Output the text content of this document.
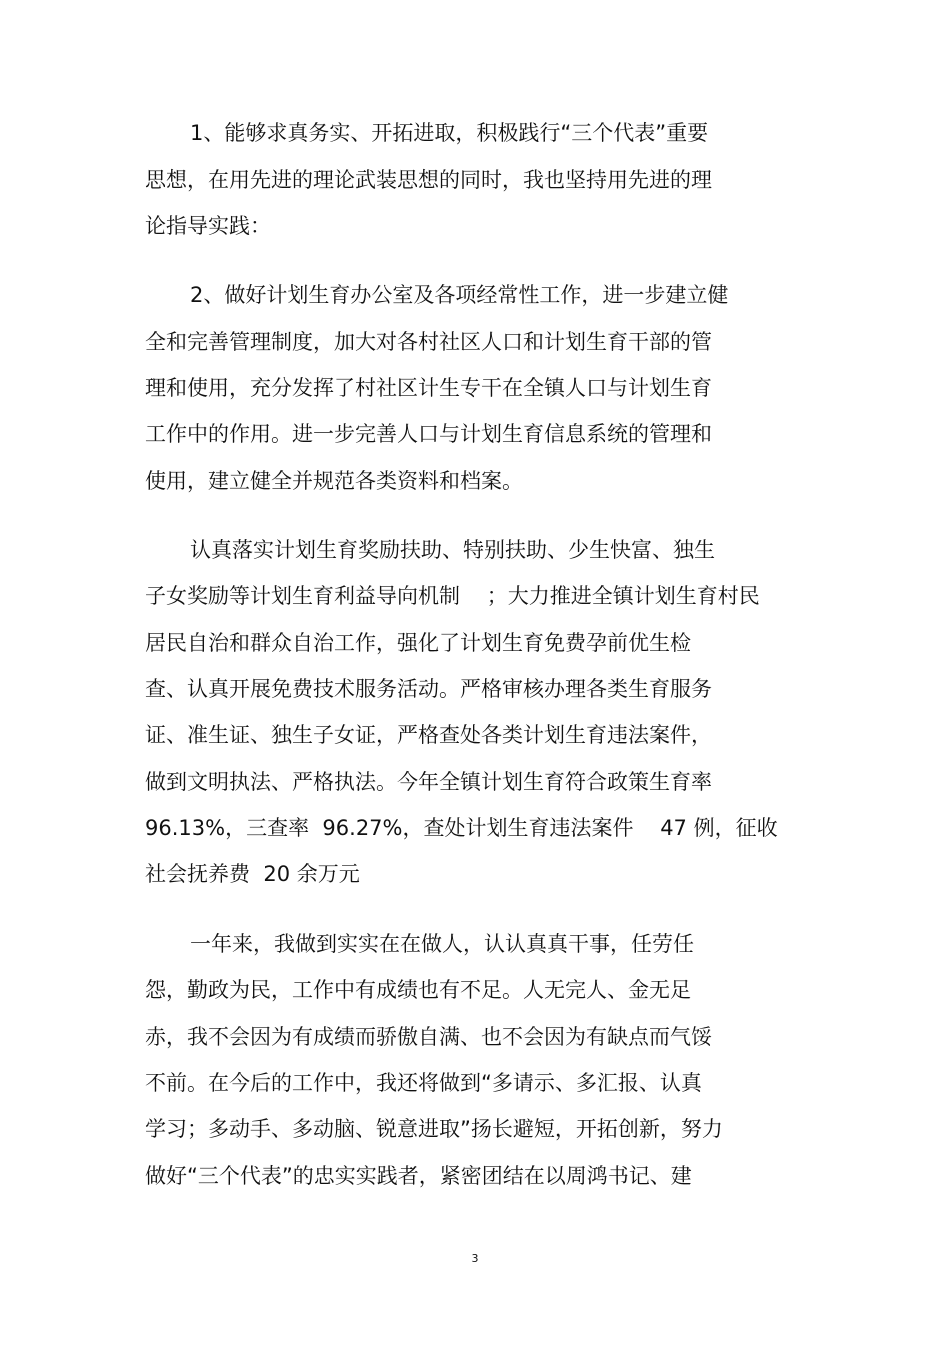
1、能够求真务实、开拓进取，积极践行“三个代表”重要
思想，在用先进的理论武装思想的同时，我也坚持用先进的理
论指导实践：
2、做好计划生育办公室及各项经常性工作，进一步建立健
全和完善管理制度，加大对各村社区人口和计划生育干部的管
理和使用，充分发挥了村社区计生专干在全镇人口与计划生育
工作中的作用。进一步完善人口与计划生育信息系统的管理和
使用，建立健全并规范各类资料和档案。
认真落实计划生育奖励扶助、特别扶助、少生快富、独生
子女奖励等计划生育利益导向机制    ；大力推进全镇计划生育村民
居民自治和群众自治工作，强化了计划生育免费孕前优生检
查、认真开展免费技术服务活动。严格审核办理各类生育服务
证、准生证、独生子女证，严格查处各类计划生育违法案件，
做到文明执法、严格执法。今年全镇计划生育符合政策生育率
96.13%，三查率  96.27%，查处计划生育违法案件    47 例，征收
社会抚养费  20 余万元
一年来，我做到实实在在做人，认认真真干事，任劳任
怨，勤政为民，工作中有成绩也有不足。人无完人、金无足
赤，我不会因为有成绩而骄傲自满、也不会因为有缺点而气馁
不前。在今后的工作中，我还将做到“多请示、多汇报、认真
学习；多动手、多动脑、锐意进取”扬长避短，开拓创新，努力
做好“三个代表”的忠实实践者，紧密团结在以周鸿书记、建
3
